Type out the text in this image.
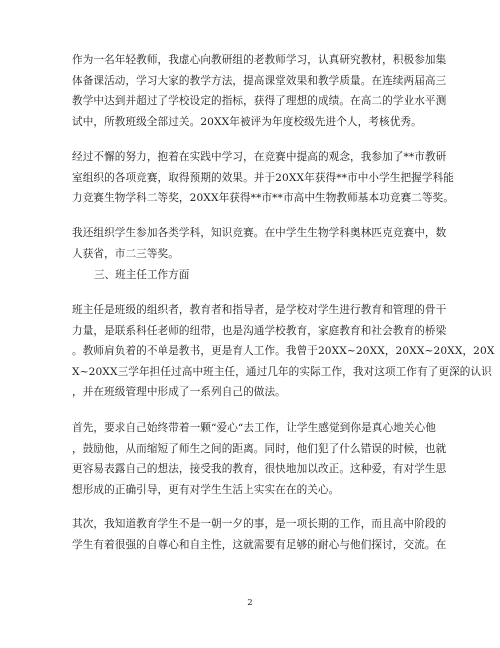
作为一名年轻教师，我虚心向教研组的老教师学习，认真研究教材，积极参加集
体备课活动，学习大家的教学方法，提高课堂效果和教学质量。在连续两届高三
教学中达到并超过了学校设定的指标，获得了理想的成绩。在高二的学业水平测
试中，所教班级全部过关。20XX年被评为年度校级先进个人，考核优秀。
经过不懈的努力，抱着在实践中学习，在竞赛中提高的观念，我参加了**市教研
室组织的各项竞赛，取得预期的效果。并于20XX年获得**市中小学生把握学科能
力竞赛生物学科二等奖，20XX年获得**市**市高中生物教师基本功竞赛二等奖。
我还组织学生参加各类学科，知识竞赛。在中学生生物学科奥林匹克竞赛中，数
人获省，市二三等奖。
三、班主任工作方面
班主任是班级的组织者，教育者和指导者，是学校对学生进行教育和管理的骨干
力量，是联系科任老师的纽带，也是沟通学校教育，家庭教育和社会教育的桥梁
。教师肩负着的不单是教书，更是育人工作。我曾于20XX~20XX，20XX~20XX，20X
X~20XX三学年担任过高中班主任，通过几年的实际工作，我对这项工作有了更深的认识
，并在班级管理中形成了一系列自己的做法。
首先，要求自己始终带着一颗“爱心“去工作，让学生感觉到你是真心地关心他
，鼓励他，从而缩短了师生之间的距离。同时，他们犯了什么错误的时候，也就
更容易表露自己的想法，接受我的教育，很快地加以改正。这种爱，有对学生思
想形成的正确引导，更有对学生生活上实实在在的关心。
其次，我知道教育学生不是一朝一夕的事，是一项长期的工作，而且高中阶段的
学生有着很强的自尊心和自主性，这就需要有足够的耐心与他们探讨，交流。在
2
